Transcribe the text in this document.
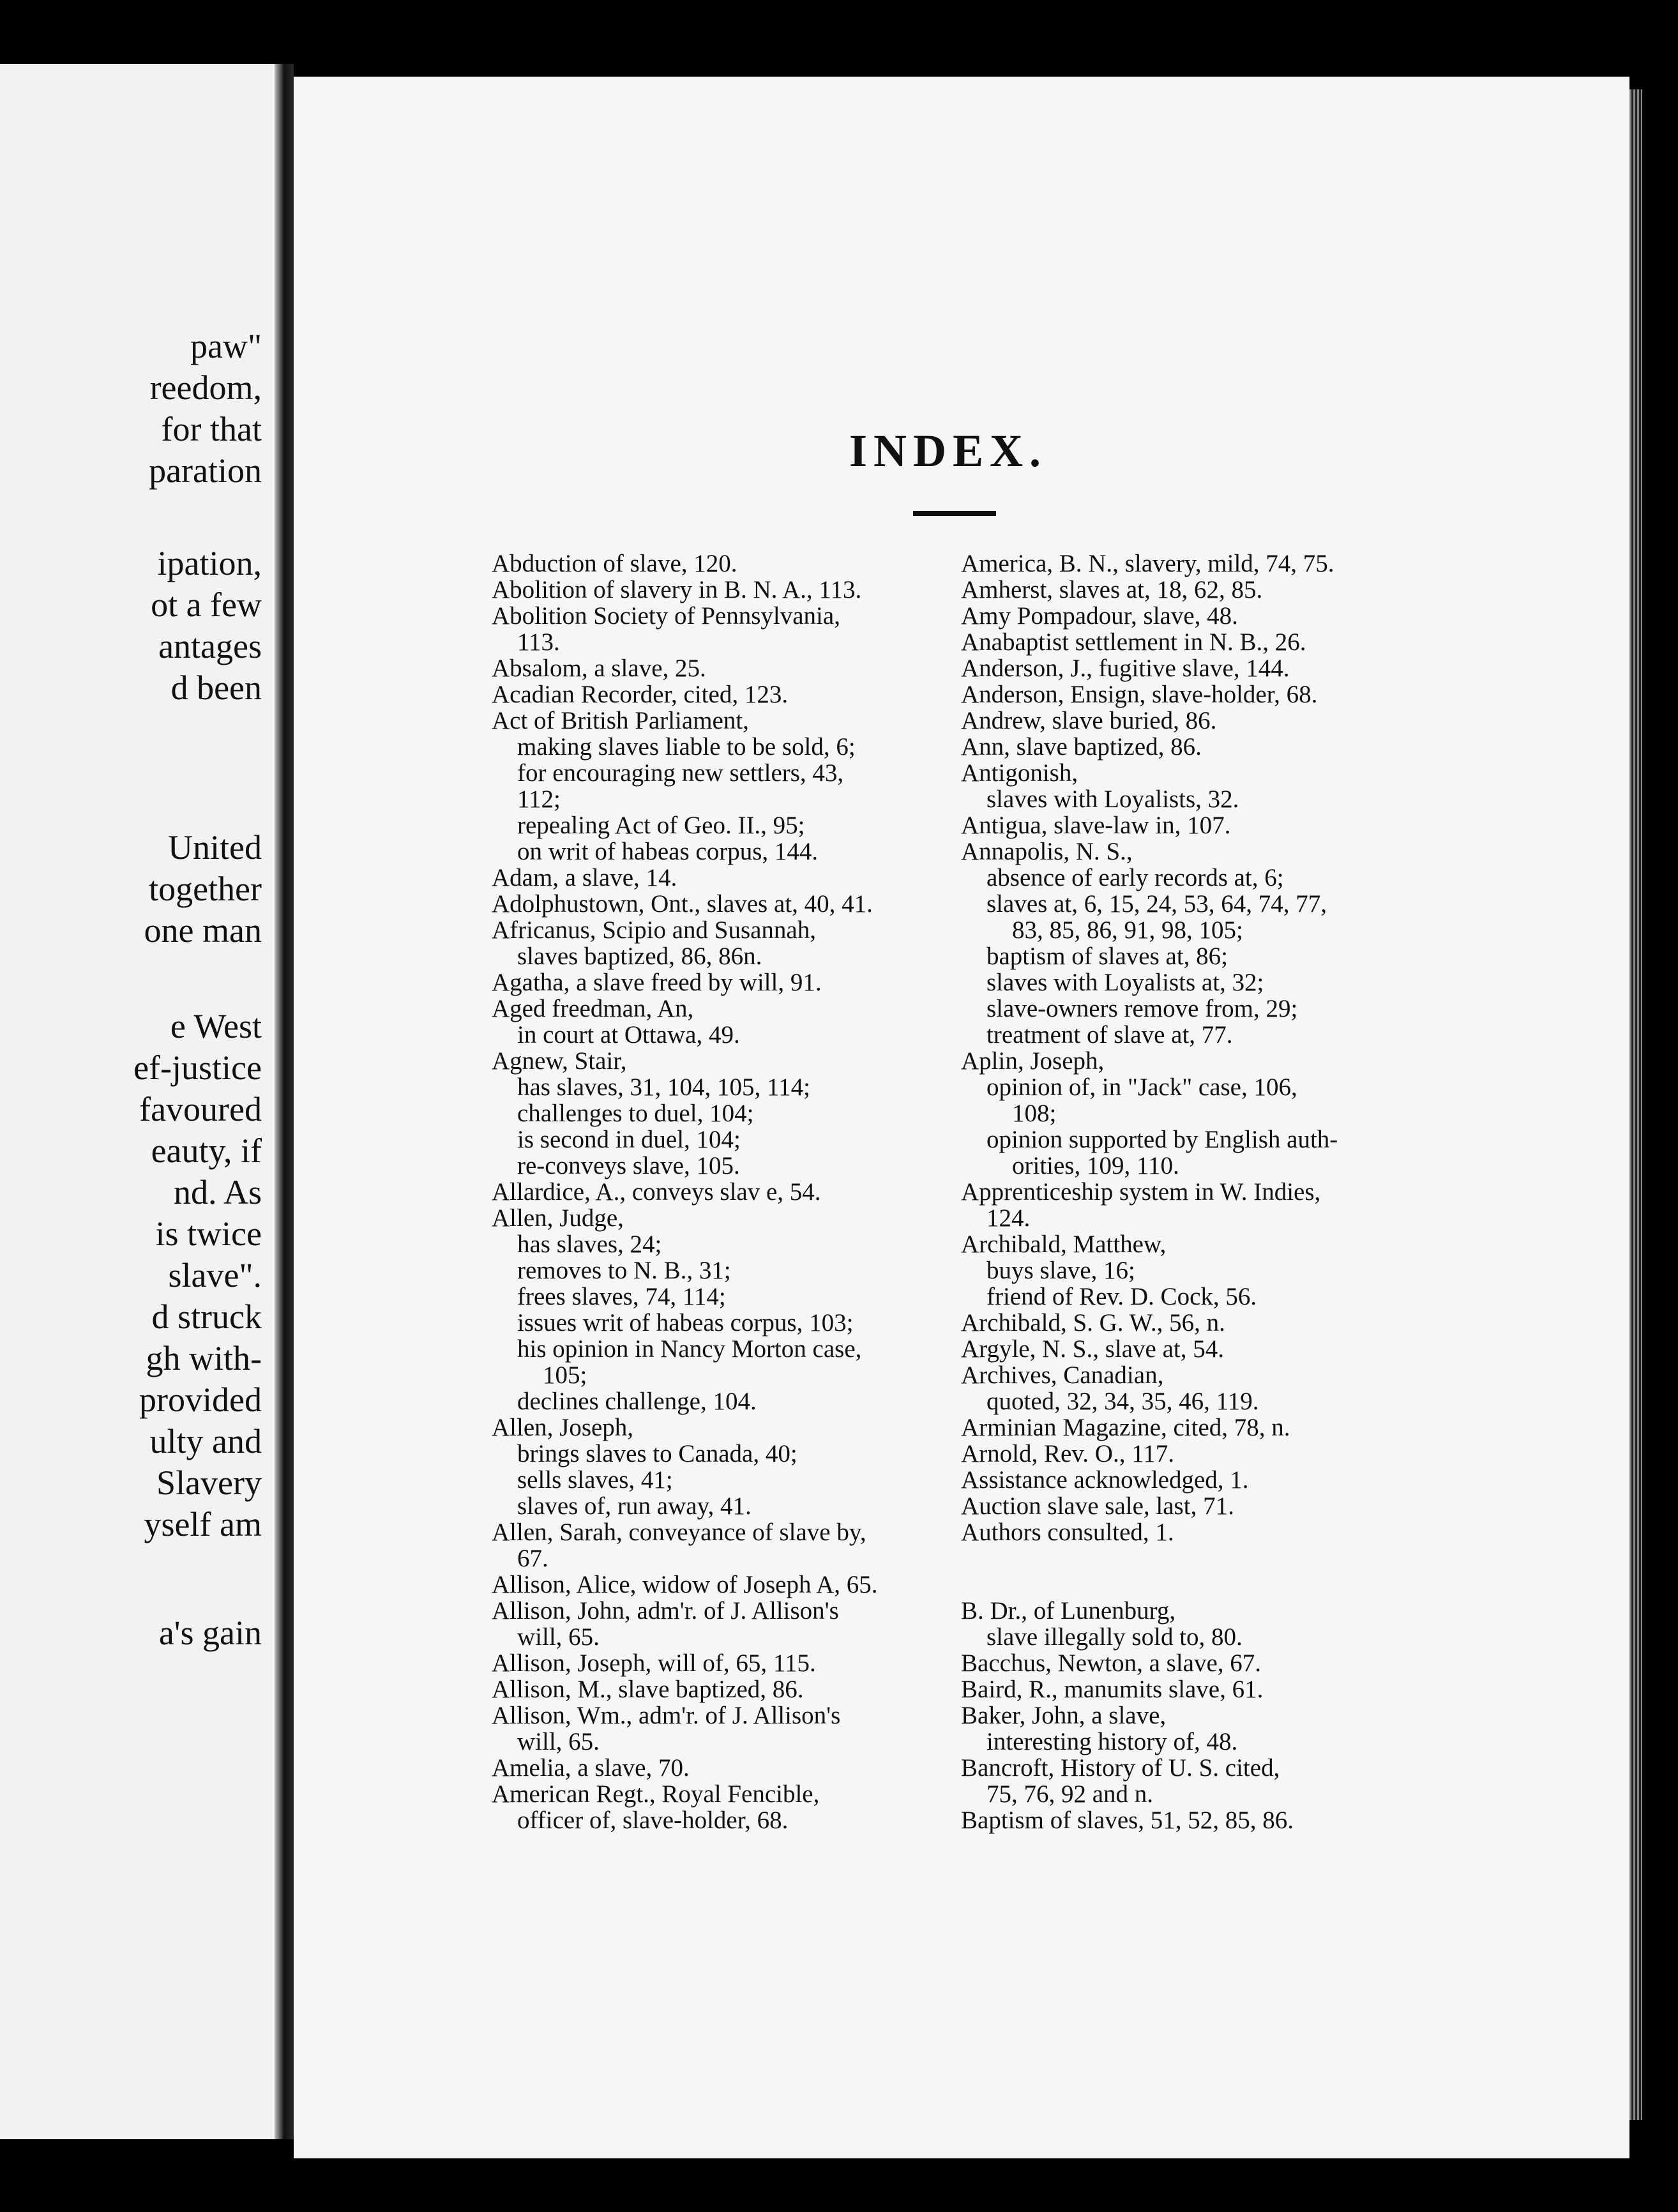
paw"
reedom,
for that
paration
ipation,
ot a few
antages
d been
United
together
one man
e West
ef-justice
favoured
eauty, if
nd. As
is twice
slave".
d struck
gh with-
provided
ulty and
Slavery
yself am
a's gain
INDEX.
Abduction of slave, 120.
Abolition of slavery in B. N. A., 113.
Abolition Society of Pennsylvania,
113.
Absalom, a slave, 25.
Acadian Recorder, cited, 123.
Act of British Parliament,
making slaves liable to be sold, 6;
for encouraging new settlers, 43,
112;
repealing Act of Geo. II., 95;
on writ of habeas corpus, 144.
Adam, a slave, 14.
Adolphustown, Ont., slaves at, 40, 41.
Africanus, Scipio and Susannah,
slaves baptized, 86, 86n.
Agatha, a slave freed by will, 91.
Aged freedman, An,
in court at Ottawa, 49.
Agnew, Stair,
has slaves, 31, 104, 105, 114;
challenges to duel, 104;
is second in duel, 104;
re-conveys slave, 105.
Allardice, A., conveys slav e, 54.
Allen, Judge,
has slaves, 24;
removes to N. B., 31;
frees slaves, 74, 114;
issues writ of habeas corpus, 103;
his opinion in Nancy Morton case,
105;
declines challenge, 104.
Allen, Joseph,
brings slaves to Canada, 40;
sells slaves, 41;
slaves of, run away, 41.
Allen, Sarah, conveyance of slave by,
67.
Allison, Alice, widow of Joseph A, 65.
Allison, John, adm'r. of J. Allison's
will, 65.
Allison, Joseph, will of, 65, 115.
Allison, M., slave baptized, 86.
Allison, Wm., adm'r. of J. Allison's
will, 65.
Amelia, a slave, 70.
American Regt., Royal Fencible,
officer of, slave-holder, 68.
America, B. N., slavery, mild, 74, 75.
Amherst, slaves at, 18, 62, 85.
Amy Pompadour, slave, 48.
Anabaptist settlement in N. B., 26.
Anderson, J., fugitive slave, 144.
Anderson, Ensign, slave-holder, 68.
Andrew, slave buried, 86.
Ann, slave baptized, 86.
Antigonish,
slaves with Loyalists, 32.
Antigua, slave-law in, 107.
Annapolis, N. S.,
absence of early records at, 6;
slaves at, 6, 15, 24, 53, 64, 74, 77,
83, 85, 86, 91, 98, 105;
baptism of slaves at, 86;
slaves with Loyalists at, 32;
slave-owners remove from, 29;
treatment of slave at, 77.
Aplin, Joseph,
opinion of, in "Jack" case, 106,
108;
opinion supported by English auth-
orities, 109, 110.
Apprenticeship system in W. Indies,
124.
Archibald, Matthew,
buys slave, 16;
friend of Rev. D. Cock, 56.
Archibald, S. G. W., 56, n.
Argyle, N. S., slave at, 54.
Archives, Canadian,
quoted, 32, 34, 35, 46, 119.
Arminian Magazine, cited, 78, n.
Arnold, Rev. O., 117.
Assistance acknowledged, 1.
Auction slave sale, last, 71.
Authors consulted, 1.
B. Dr., of Lunenburg,
slave illegally sold to, 80.
Bacchus, Newton, a slave, 67.
Baird, R., manumits slave, 61.
Baker, John, a slave,
interesting history of, 48.
Bancroft, History of U. S. cited,
75, 76, 92 and n.
Baptism of slaves, 51, 52, 85, 86.
